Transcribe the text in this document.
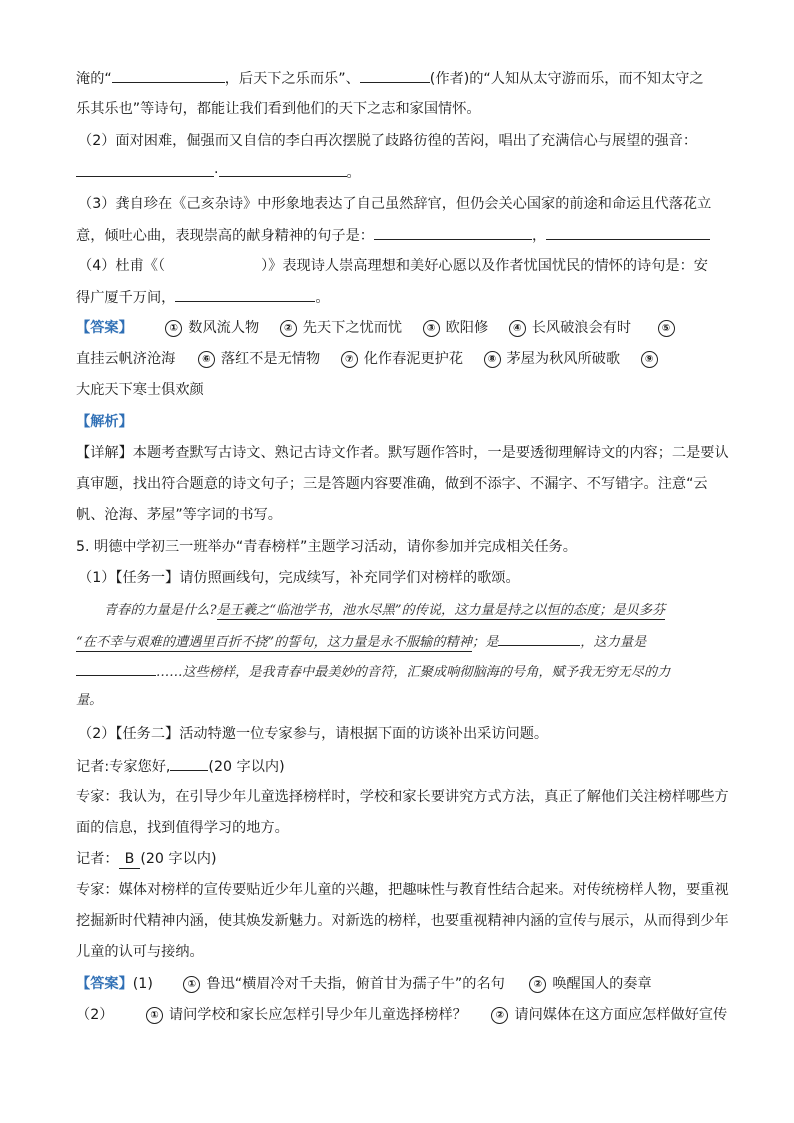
淹的“	，后天下之乐而乐”、	(作者)的“人知从太守游而乐，而不知太守之
乐其乐也”等诗句，都能让我们看到他们的天下之志和家国情怀。
（2）面对困难，倔强而又自信的李白再次摆脱了歧路彷徨的苦闷，唱出了充满信心与展望的强音：
·	。
（3）龚自珍在《己亥杂诗》中形象地表达了自己虽然辞官，但仍会关心国家的前途和命运且代落花立
意，倾吐心曲，表现崇高的献身精神的句子是：	，
（4）杜甫《（	）》表现诗人崇高理想和美好心愿以及作者忧国忧民的情怀的诗句是：安
得广厦千万间，	。
【答案】	① 数风流人物 ② 先天下之忧而忧 ③ 欧阳修 ④ 长风破浪会有时	⑤
直挂云帆济沧海	⑥ 落红不是无情物 ⑦ 化作春泥更护花 ⑧ 茅屋为秋风所破歌 ⑨
大庇天下寒士俱欢颜
【解析】
【详解】本题考查默写古诗文、熟记古诗文作者。默写题作答时，一是要透彻理解诗文的内容；二是要认
真审题，找出符合题意的诗文句子；三是答题内容要准确，做到不添字、不漏字、不写错字。注意“云
帆、沧海、茅屋”等字词的书写。
5. 明德中学初三一班举办“青春榜样”主题学习活动，请你参加并完成相关任务。
（1）【任务一】请仿照画线句，完成续写，补充同学们对榜样的歌颂。
青春的力量是什么?是王羲之“临池学书，池水尽黑”的传说，这力量是持之以恒的态度；是贝多芬
“在不幸与艰难的遭遇里百折不挠”的誓句，这力量是永不服输的精神；是	，这力量是
……这些榜样，是我青春中最美妙的音符，汇聚成响彻脑海的号角，赋予我无穷无尽的力
量。
（2）【任务二】活动特邀一位专家参与，请根据下面的访谈补出采访问题。
记者:专家您好,	(20 字以内)
专家：我认为，在引导少年儿童选择榜样时，学校和家长要讲究方式方法，真正了解他们关注榜样哪些方
面的信息，找到值得学习的地方。
记者： B (20 字以内)
专家：媒体对榜样的宣传要贴近少年儿童的兴趣，把趣味性与教育性结合起来。对传统榜样人物，要重视
挖掘新时代精神内涵，使其焕发新魅力。对新选的榜样，也要重视精神内涵的宣传与展示，从而得到少年
儿童的认可与接纳。
【答案】(1)	① 鲁迅“横眉冷对千夫指，俯首甘为孺子牛”的名句	② 唤醒国人的奏章
（2）	① 请问学校和家长应怎样引导少年儿童选择榜样？	② 请问媒体在这方面应怎样做好宣传
